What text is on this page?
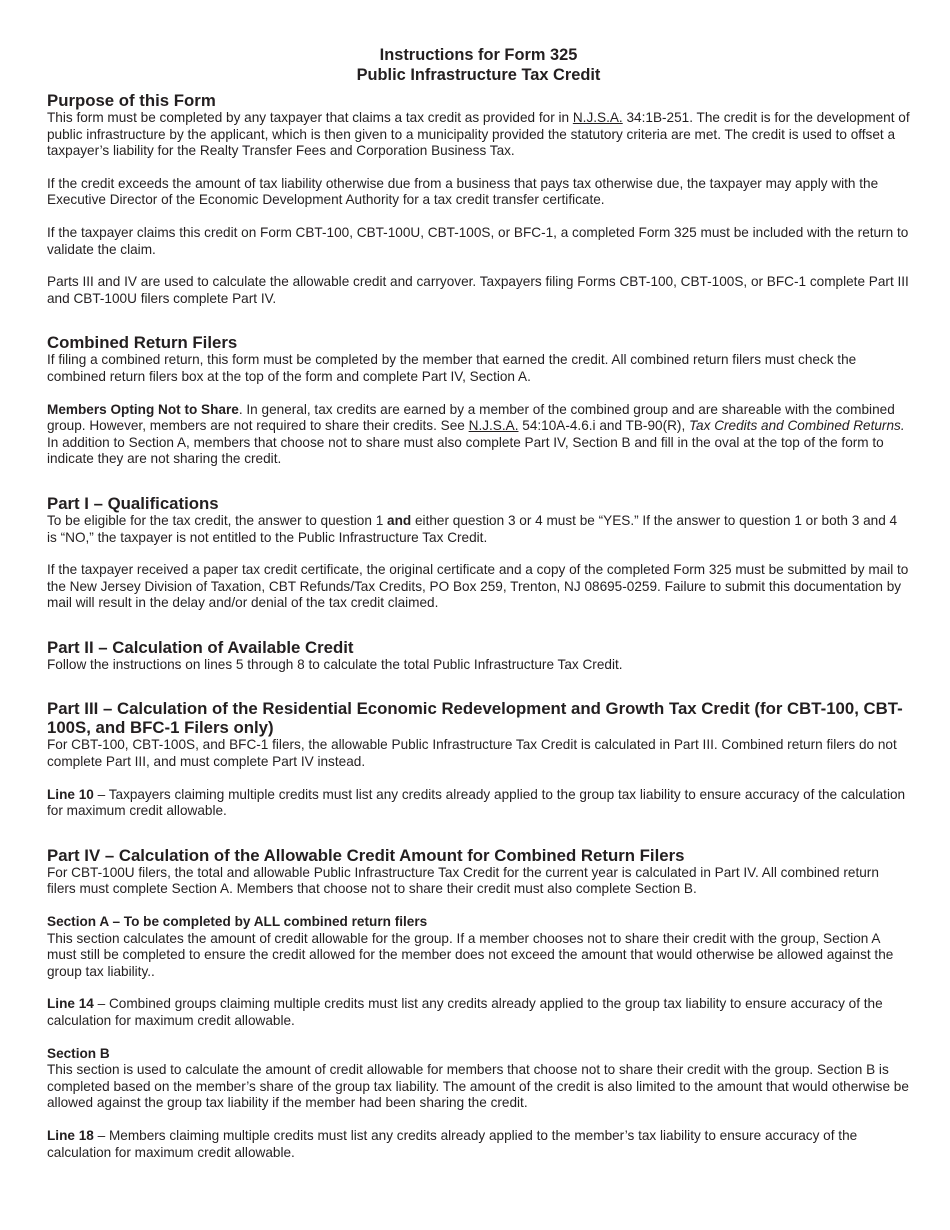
Instructions for Form 325
Public Infrastructure Tax Credit
Purpose of this Form

This form must be completed by any taxpayer that claims a tax credit as provided for in N.J.S.A. 34:1B-251. The credit is for the development of public infrastructure by the applicant, which is then given to a municipality provided the statutory criteria are met. The credit is used to offset a taxpayer’s liability for the Realty Transfer Fees and Corporation Business Tax.

If the credit exceeds the amount of tax liability otherwise due from a business that pays tax otherwise due, the taxpayer may apply with the Executive Director of the Economic Development Authority for a tax credit transfer certificate.

If the taxpayer claims this credit on Form CBT-100, CBT-100U, CBT-100S, or BFC-1, a completed Form 325 must be included with the return to validate the claim.

Parts III and IV are used to calculate the allowable credit and carryover. Taxpayers filing Forms CBT-100, CBT-100S, or BFC-1 complete Part III and CBT-100U filers complete Part IV.

Combined Return Filers

If filing a combined return, this form must be completed by the member that earned the credit. All combined return filers must check the combined return filers box at the top of the form and complete Part IV, Section A.

Members Opting Not to Share. In general, tax credits are earned by a member of the combined group and are shareable with the combined group. However, members are not required to share their credits. See N.J.S.A. 54:10A-4.6.i and TB-90(R), Tax Credits and Combined Returns. In addition to Section A, members that choose not to share must also complete Part IV, Section B and fill in the oval at the top of the form to indicate they are not sharing the credit.

Part I – Qualifications

To be eligible for the tax credit, the answer to question 1 and either question 3 or 4 must be “YES.” If the answer to question 1 or both 3 and 4 is “NO,” the taxpayer is not entitled to the Public Infrastructure Tax Credit.

If the taxpayer received a paper tax credit certificate, the original certificate and a copy of the completed Form 325 must be submitted by mail to the New Jersey Division of Taxation, CBT Refunds/Tax Credits, PO Box 259, Trenton, NJ 08695-0259. Failure to submit this documentation by mail will result in the delay and/or denial of the tax credit claimed.

Part II – Calculation of Available Credit

Follow the instructions on lines 5 through 8 to calculate the total Public Infrastructure Tax Credit.

Part III – Calculation of the Residential Economic Redevelopment and Growth Tax Credit (for CBT-100, CBT-100S, and BFC-1 Filers only)

For CBT-100, CBT-100S, and BFC-1 filers, the allowable Public Infrastructure Tax Credit is calculated in Part III. Combined return filers do not complete Part III, and must complete Part IV instead.

Line 10 – Taxpayers claiming multiple credits must list any credits already applied to the group tax liability to ensure accuracy of the calculation for maximum credit allowable.

Part IV – Calculation of the Allowable Credit Amount for Combined Return Filers

For CBT-100U filers, the total and allowable Public Infrastructure Tax Credit for the current year is calculated in Part IV. All combined return filers must complete Section A. Members that choose not to share their credit must also complete Section B.

Section A – To be completed by ALL combined return filers

This section calculates the amount of credit allowable for the group. If a member chooses not to share their credit with the group, Section A must still be completed to ensure the credit allowed for the member does not exceed the amount that would otherwise be allowed against the group tax liability..

Line 14 – Combined groups claiming multiple credits must list any credits already applied to the group tax liability to ensure accuracy of the calculation for maximum credit allowable.

Section B

This section is used to calculate the amount of credit allowable for members that choose not to share their credit with the group. Section B is completed based on the member’s share of the group tax liability. The amount of the credit is also limited to the amount that would otherwise be allowed against the group tax liability if the member had been sharing the credit.

Line 18 – Members claiming multiple credits must list any credits already applied to the member’s tax liability to ensure accuracy of the calculation for maximum credit allowable.
